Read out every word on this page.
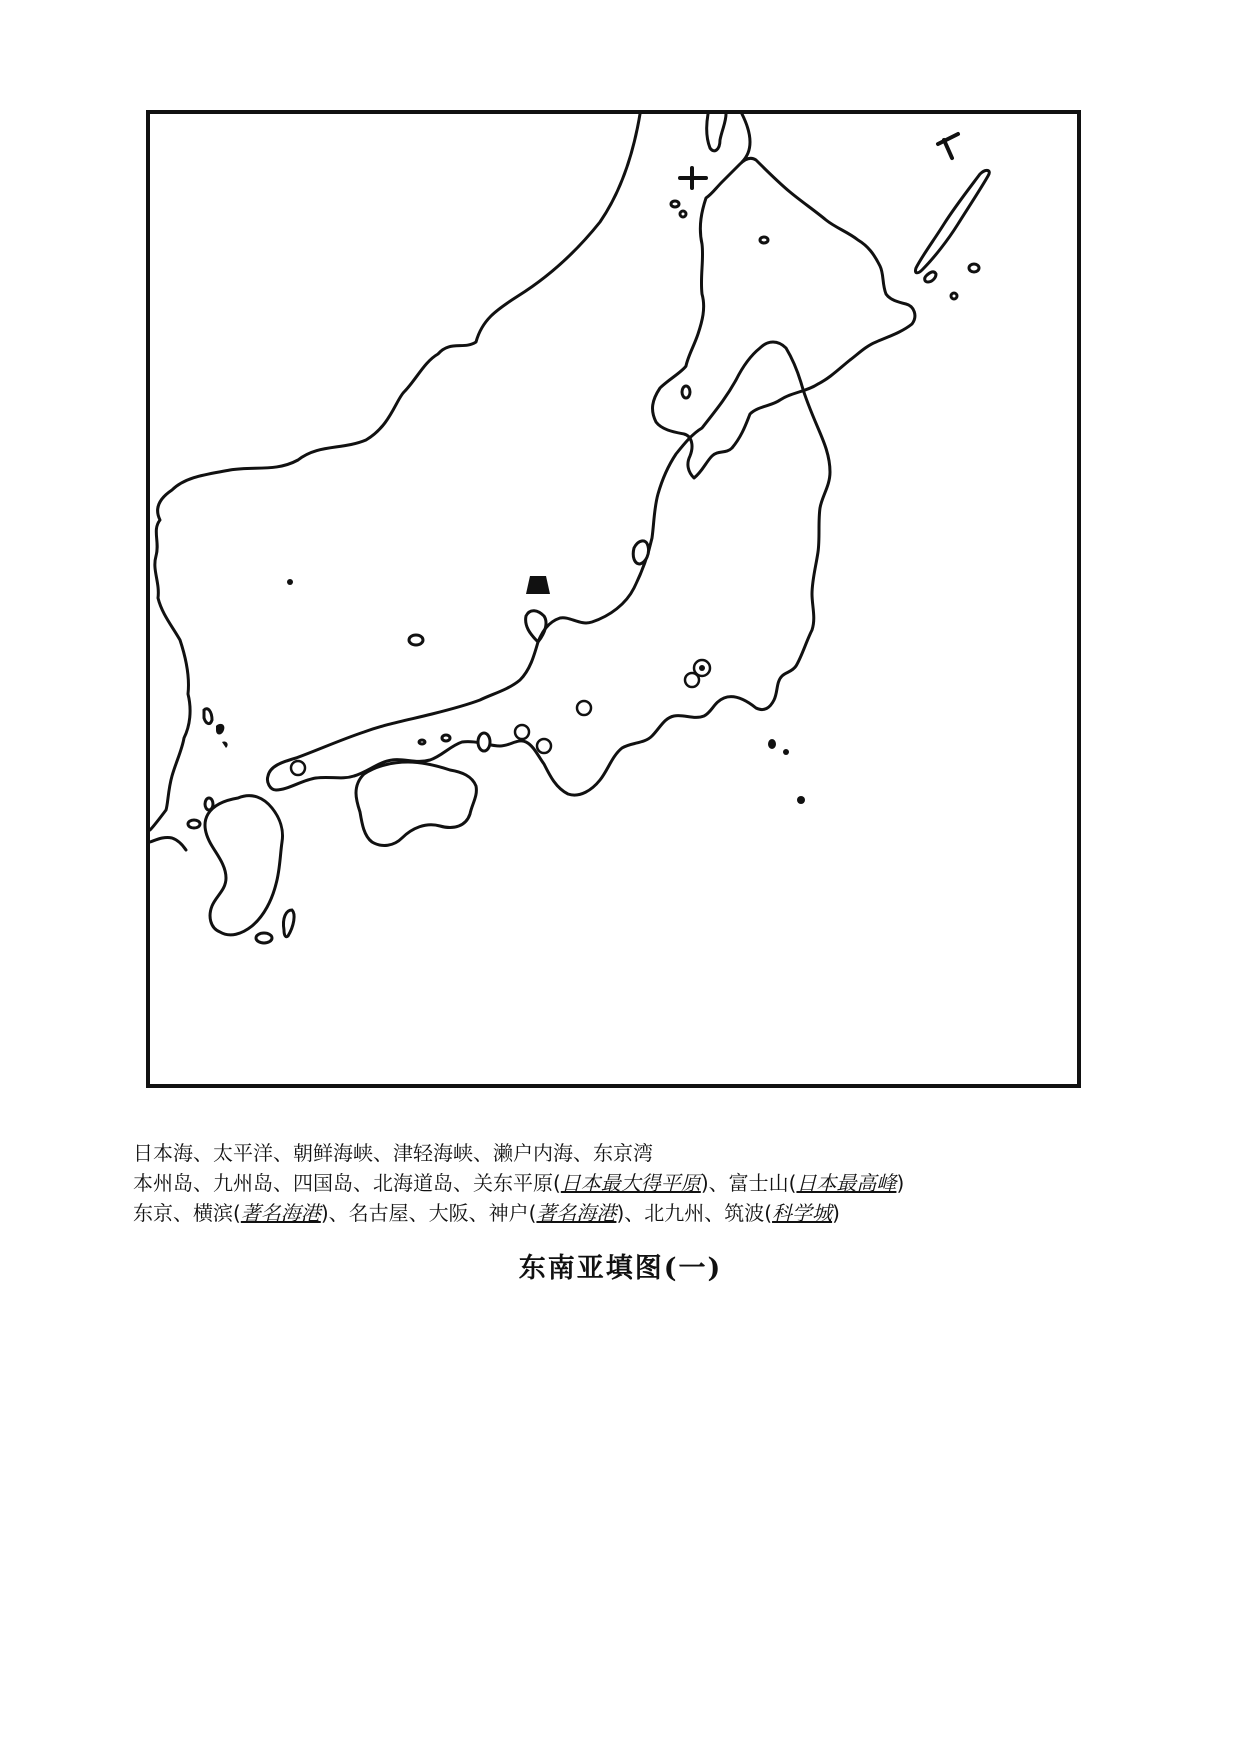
日本海、太平洋、朝鲜海峡、津轻海峡、濑户内海、东京湾
本州岛、九州岛、四国岛、北海道岛、关东平原(日本最大得平原)、富士山(日本最高峰)
东京、横滨(著名海港)、名古屋、大阪、神户(著名海港)、北九州、筑波(科学城)
东南亚填图(一)
